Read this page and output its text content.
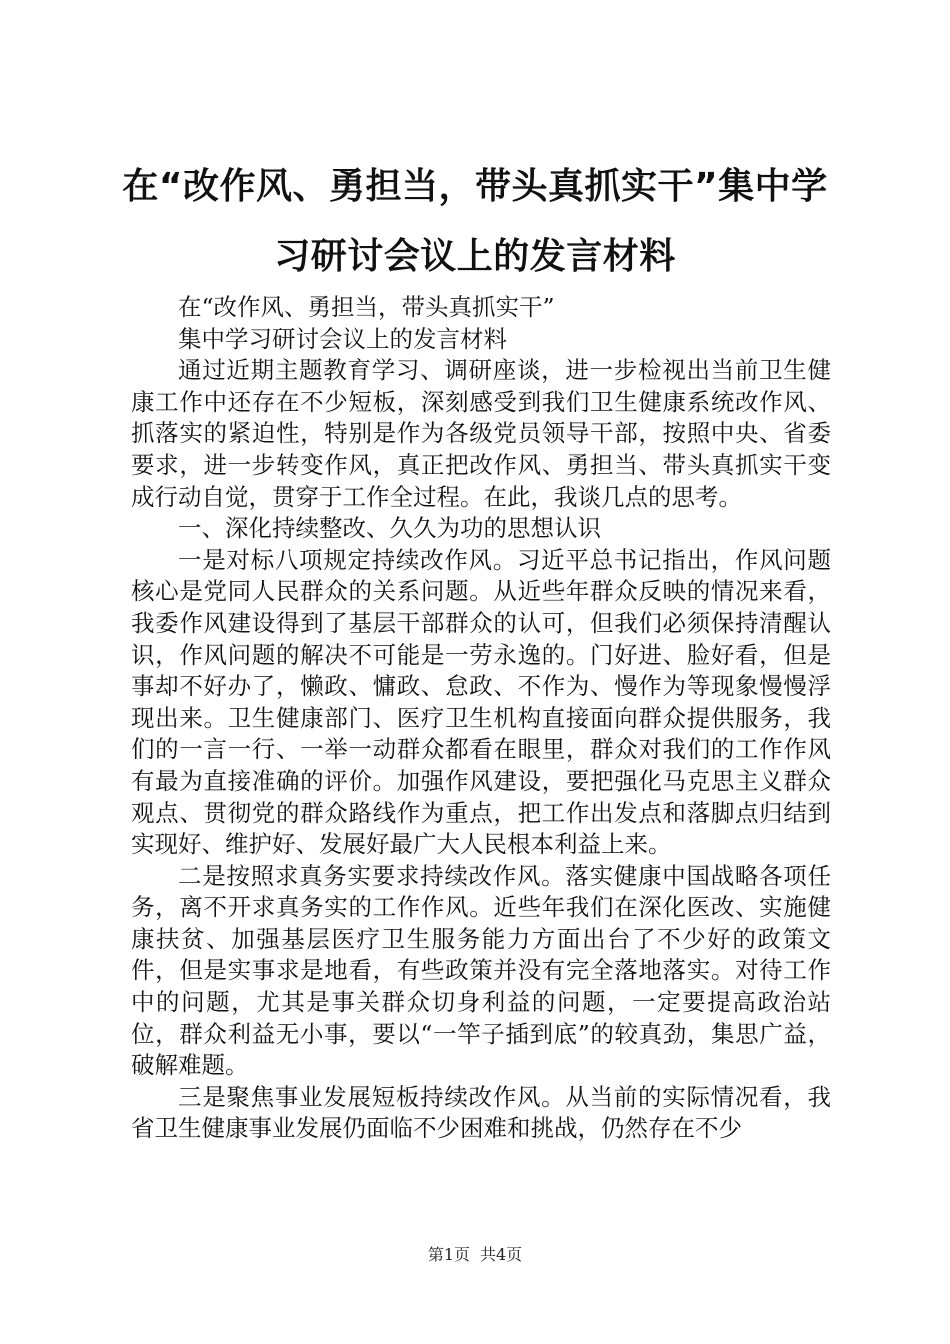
在“改作风、勇担当，带头真抓实干”集中学习研讨会议上的发言材料

在“改作风、勇担当，带头真抓实干”

集中学习研讨会议上的发言材料

通过近期主题教育学习、调研座谈，进一步检视出当前卫生健康工作中还存在不少短板，深刻感受到我们卫生健康系统改作风、抓落实的紧迫性，特别是作为各级党员领导干部，按照中央、省委要求，进一步转变作风，真正把改作风、勇担当、带头真抓实干变成行动自觉，贯穿于工作全过程。在此，我谈几点的思考。

一、深化持续整改、久久为功的思想认识

一是对标八项规定持续改作风。习近平总书记指出，作风问题核心是党同人民群众的关系问题。从近些年群众反映的情况来看，我委作风建设得到了基层干部群众的认可，但我们必须保持清醒认识，作风问题的解决不可能是一劳永逸的。门好进、脸好看，但是事却不好办了，懒政、慵政、怠政、不作为、慢作为等现象慢慢浮现出来。卫生健康部门、医疗卫生机构直接面向群众提供服务，我们的一言一行、一举一动群众都看在眼里，群众对我们的工作作风有最为直接准确的评价。加强作风建设，要把强化马克思主义群众观点、贯彻党的群众路线作为重点，把工作出发点和落脚点归结到实现好、维护好、发展好最广大人民根本利益上来。

二是按照求真务实要求持续改作风。落实健康中国战略各项任务，离不开求真务实的工作作风。近些年我们在深化医改、实施健康扶贫、加强基层医疗卫生服务能力方面出台了不少好的政策文件，但是实事求是地看，有些政策并没有完全落地落实。对待工作中的问题，尤其是事关群众切身利益的问题，一定要提高政治站位，群众利益无小事，要以“一竿子插到底”的较真劲，集思广益，破解难题。

三是聚焦事业发展短板持续改作风。从当前的实际情况看，我省卫生健康事业发展仍面临不少困难和挑战，仍然存在不少

第1页 共4页
